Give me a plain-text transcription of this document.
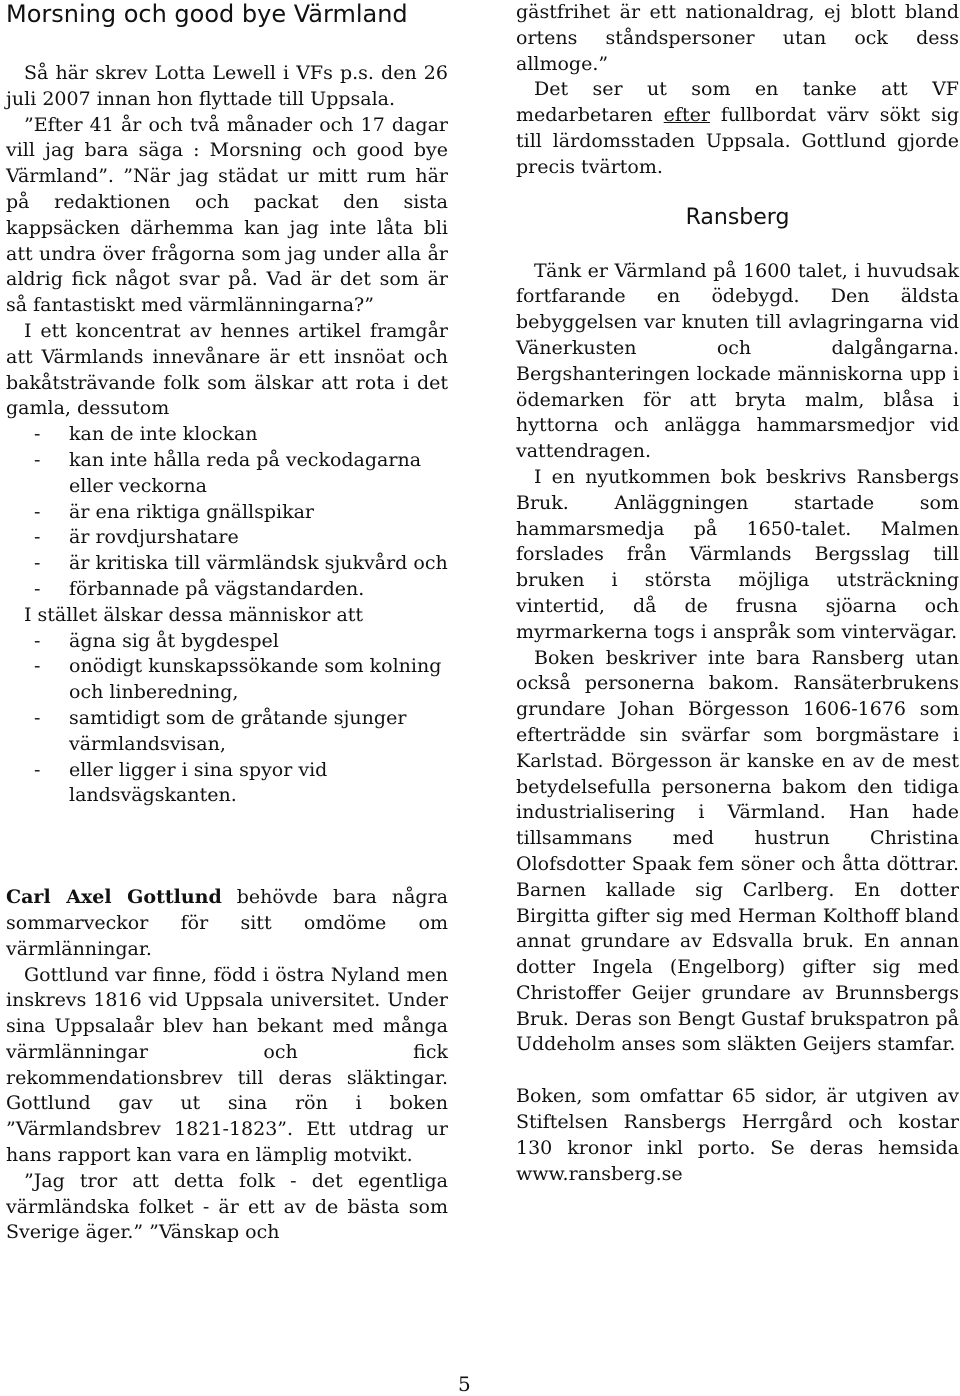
Morsning och good bye Värmland

Så här skrev Lotta Lewell i VFs p.s. den 26 juli 2007 innan hon flyttade till Uppsala.

”Efter 41 år och två månader och 17 dagar vill jag bara säga : Morsning och good bye Värmland”. ”När jag städat ur mitt rum här på redaktionen och packat den sista kappsäcken därhemma kan jag inte låta bli att undra över frågorna som jag under alla år aldrig fick något svar på. Vad är det som är så fantastiskt med värmlänningarna?”

I ett koncentrat av hennes artikel framgår att Värmlands innevånare är ett insnöat och bakåtsträvande folk som älskar att rota i det gamla, dessutom

- kan de inte klockan
- kan inte hålla reda på veckodagarna eller veckorna
- är ena riktiga gnällspikar
- är rovdjurshatare
- är kritiska till värmländsk sjukvård och
- förbannade på vägstandarden.

I stället älskar dessa människor att

- ägna sig åt bygdespel
- onödigt kunskapssökande som kolning och linberedning,
- samtidigt som de gråtande sjunger värmlandsvisan,
- eller ligger i sina spyor vid landsvägskanten.

Carl Axel Gottlund behövde bara några sommarveckor för sitt omdöme om värmlänningar.

Gottlund var finne, född i östra Nyland men inskrevs 1816 vid Uppsala universitet. Under sina Uppsalaår blev han bekant med många värmlänningar och fick rekommendationsbrev till deras släktingar. Gottlund gav ut sina rön i boken ”Värmlandsbrev 1821-1823”. Ett utdrag ur hans rapport kan vara en lämplig motvikt.

”Jag tror att detta folk - det egentliga värmländska folket - är ett av de bästa som Sverige äger.” ”Vänskap och

gästfrihet är ett nationaldrag, ej blott bland ortens ståndspersoner utan ock dess allmoge.”

Det ser ut som en tanke att VF medarbetaren efter fullbordat värv sökt sig till lärdomsstaden Uppsala. Gottlund gjorde precis tvärtom.

Ransberg

Tänk er Värmland på 1600 talet, i huvudsak fortfarande en ödebygd. Den äldsta bebyggelsen var knuten till avlagringarna vid Vänerkusten och dalgångarna. Bergshanteringen lockade människorna upp i ödemarken för att bryta malm, blåsa i hyttorna och anlägga hammarsmedjor vid vattendragen.

I en nyutkommen bok beskrivs Ransbergs Bruk. Anläggningen startade som hammarsmedja på 1650-talet. Malmen forslades från Värmlands Bergsslag till bruken i största möjliga utsträckning vintertid, då de frusna sjöarna och myrmarkerna togs i anspråk som vintervägar.

Boken beskriver inte bara Ransberg utan också personerna bakom. Ransäterbrukens grundare Johan Börgesson 1606-1676 som efterträdde sin svärfar som borgmästare i Karlstad. Börgesson är kanske en av de mest betydelsefulla personerna bakom den tidiga industrialisering i Värmland. Han hade tillsammans med hustrun Christina Olofsdotter Spaak fem söner och åtta döttrar. Barnen kallade sig Carlberg. En dotter Birgitta gifter sig med Herman Kolthoff bland annat grundare av Edsvalla bruk. En annan dotter Ingela (Engelborg) gifter sig med Christoffer Geijer grundare av Brunnsbergs Bruk. Deras son Bengt Gustaf brukspatron på Uddeholm anses som släkten Geijers stamfar.

Boken, som omfattar 65 sidor, är utgiven av Stiftelsen Ransbergs Herrgård och kostar 130 kronor inkl porto. Se deras hemsida www.ransberg.se

5
